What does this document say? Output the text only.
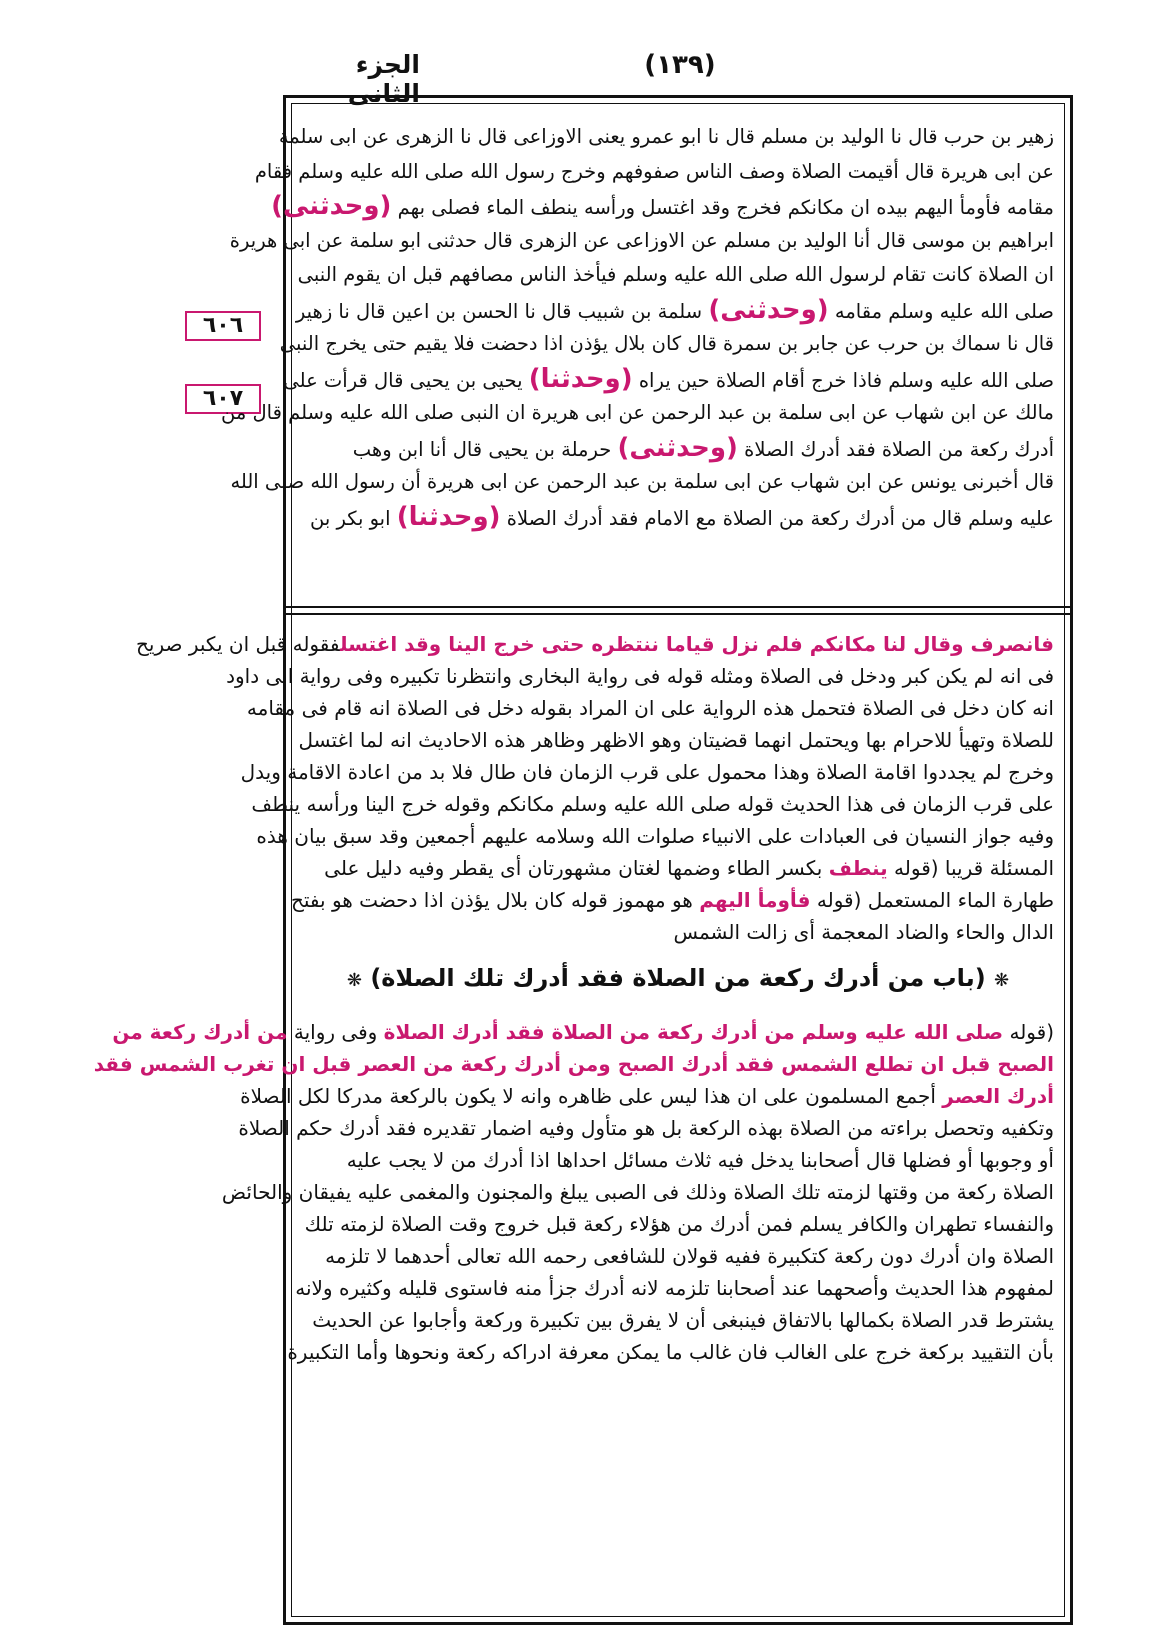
الجزء الثانى
(١٣٩)
٦٠٦
٦٠٧
زهير بن حرب قال نا الوليد بن مسلم قال نا ابو عمرو يعنى الاوزاعى قال نا الزهرى عن ابى سلمة
عن ابى هريرة قال أقيمت الصلاة وصف الناس صفوفهم وخرج رسول الله صلى الله عليه وسلم فقام
مقامه فأومأ اليهم بيده ان مكانكم فخرج وقد اغتسل ورأسه ينطف الماء فصلى بهم (وحدثنى)
ابراهيم بن موسى قال أنا الوليد بن مسلم عن الاوزاعى عن الزهرى قال حدثنى ابو سلمة عن ابى هريرة
ان الصلاة كانت تقام لرسول الله صلى الله عليه وسلم فيأخذ الناس مصافهم قبل ان يقوم النبى
صلى الله عليه وسلم مقامه (وحدثنى) سلمة بن شبيب قال نا الحسن بن اعين قال نا زهير
قال نا سماك بن حرب عن جابر بن سمرة قال كان بلال يؤذن اذا دحضت فلا يقيم حتى يخرج النبى
صلى الله عليه وسلم فاذا خرج أقام الصلاة حين يراه (وحدثنا) يحيى بن يحيى قال قرأت على
مالك عن ابن شهاب عن ابى سلمة بن عبد الرحمن عن ابى هريرة ان النبى صلى الله عليه وسلم قال من
أدرك ركعة من الصلاة فقد أدرك الصلاة (وحدثنى) حرملة بن يحيى قال أنا ابن وهب
قال أخبرنى يونس عن ابن شهاب عن ابى سلمة بن عبد الرحمن عن ابى هريرة أن رسول الله صلى الله
عليه وسلم قال من أدرك ركعة من الصلاة مع الامام فقد أدرك الصلاة (وحدثنا) ابو بكر بن
فانصرف وقال لنا مكانكم فلم نزل قياما ننتظره حتى خرج الينا وقد اغتسلفقوله قبل ان يكبر صريح
فى انه لم يكن كبر ودخل فى الصلاة ومثله قوله فى رواية البخارى وانتظرنا تكبيره وفى رواية ابى داود
انه كان دخل فى الصلاة فتحمل هذه الرواية على ان المراد بقوله دخل فى الصلاة انه قام فى مقامه
للصلاة وتهيأ للاحرام بها ويحتمل انهما قضيتان وهو الاظهر وظاهر هذه الاحاديث انه لما اغتسل
وخرج لم يجددوا اقامة الصلاة وهذا محمول على قرب الزمان فان طال فلا بد من اعادة الاقامة ويدل
على قرب الزمان فى هذا الحديث قوله صلى الله عليه وسلم مكانكم وقوله خرج الينا ورأسه ينطف
وفيه جواز النسيان فى العبادات على الانبياء صلوات الله وسلامه عليهم أجمعين وقد سبق بيان هذه
المسئلة قريبا (قوله ينطف بكسر الطاء وضمها لغتان مشهورتان أى يقطر وفيه دليل على
طهارة الماء المستعمل (قوله فأومأ اليهم هو مهموز قوله كان بلال يؤذن اذا دحضت هو بفتح
الدال والحاء والضاد المعجمة أى زالت الشمس
❋ (باب من أدرك ركعة من الصلاة فقد أدرك تلك الصلاة) ❋
(قوله صلى الله عليه وسلم من أدرك ركعة من الصلاة فقد أدرك الصلاة وفى رواية من أدرك ركعة من
الصبح قبل ان تطلع الشمس فقد أدرك الصبح ومن أدرك ركعة من العصر قبل ان تغرب الشمس فقد
أدرك العصر أجمع المسلمون على ان هذا ليس على ظاهره وانه لا يكون بالركعة مدركا لكل الصلاة
وتكفيه وتحصل براءته من الصلاة بهذه الركعة بل هو متأول وفيه اضمار تقديره فقد أدرك حكم الصلاة
أو وجوبها أو فضلها قال أصحابنا يدخل فيه ثلاث مسائل احداها اذا أدرك من لا يجب عليه
الصلاة ركعة من وقتها لزمته تلك الصلاة وذلك فى الصبى يبلغ والمجنون والمغمى عليه يفيقان والحائض
والنفساء تطهران والكافر يسلم فمن أدرك من هؤلاء ركعة قبل خروج وقت الصلاة لزمته تلك
الصلاة وان أدرك دون ركعة كتكبيرة ففيه قولان للشافعى رحمه الله تعالى أحدهما لا تلزمه
لمفهوم هذا الحديث وأصحهما عند أصحابنا تلزمه لانه أدرك جزأ منه فاستوى قليله وكثيره ولانه
يشترط قدر الصلاة بكمالها بالاتفاق فينبغى أن لا يفرق بين تكبيرة وركعة وأجابوا عن الحديث
بأن التقييد بركعة خرج على الغالب فان غالب ما يمكن معرفة ادراكه ركعة ونحوها وأما التكبيرة
